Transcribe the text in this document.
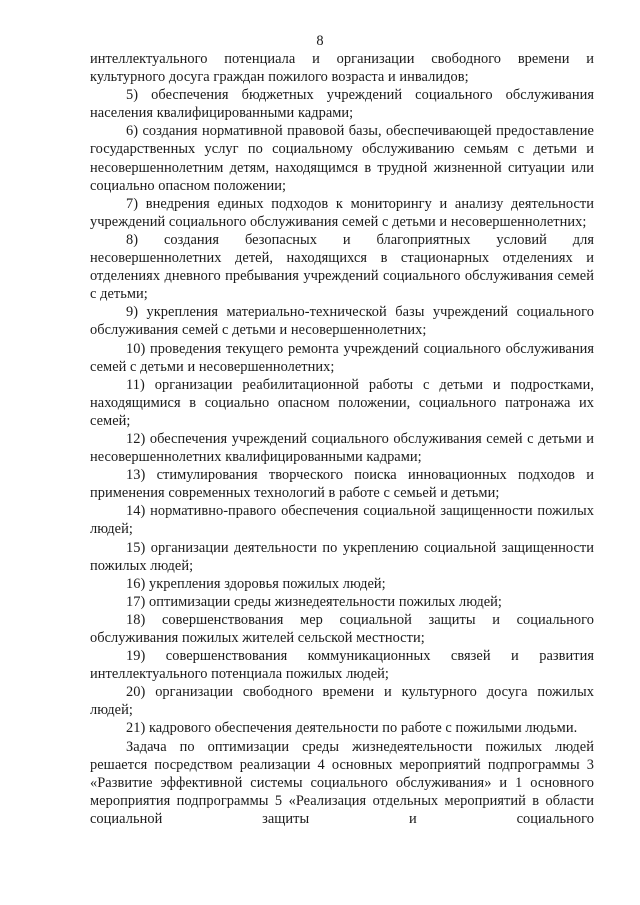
8

интеллектуального потенциала и организации свободного времени и культурного досуга граждан пожилого возраста и инвалидов;

5) обеспечения бюджетных учреждений социального обслуживания населения квалифицированными кадрами;

6) создания нормативной правовой базы, обеспечивающей предоставление государственных услуг по социальному обслуживанию семьям с детьми и несовершеннолетним детям, находящимся в трудной жизненной ситуации или социально опасном положении;

7) внедрения единых подходов к мониторингу и анализу деятельности учреждений социального обслуживания семей с детьми и несовершеннолетних;

8) создания безопасных и благоприятных условий для несовершеннолетних детей, находящихся в стационарных отделениях и отделениях дневного пребывания учреждений социального обслуживания семей с детьми;

9) укрепления материально-технической базы учреждений социального обслуживания семей с детьми и несовершеннолетних;

10) проведения текущего ремонта учреждений социального обслуживания семей с детьми и несовершеннолетних;

11) организации реабилитационной работы с детьми и подростками, находящимися в социально опасном положении, социального патронажа их семей;

12) обеспечения учреждений социального обслуживания семей с детьми и несовершеннолетних квалифицированными кадрами;

13) стимулирования творческого поиска инновационных подходов и применения современных технологий в работе с семьей и детьми;

14) нормативно-правого обеспечения социальной защищенности пожилых людей;

15) организации деятельности по укреплению социальной защищенности пожилых людей;

16) укрепления здоровья пожилых людей;

17) оптимизации среды жизнедеятельности пожилых людей;

18) совершенствования мер социальной защиты и социального обслуживания пожилых жителей сельской местности;

19) совершенствования коммуникационных связей и развития интеллектуального потенциала пожилых людей;

20) организации свободного времени и культурного досуга пожилых людей;

21) кадрового обеспечения деятельности по работе с пожилыми людьми.

Задача по оптимизации среды жизнедеятельности пожилых людей решается посредством реализации 4 основных мероприятий подпрограммы 3 «Развитие эффективной системы социального обслуживания» и 1 основного мероприятия подпрограммы 5 «Реализация отдельных мероприятий в области социальной защиты и социального
